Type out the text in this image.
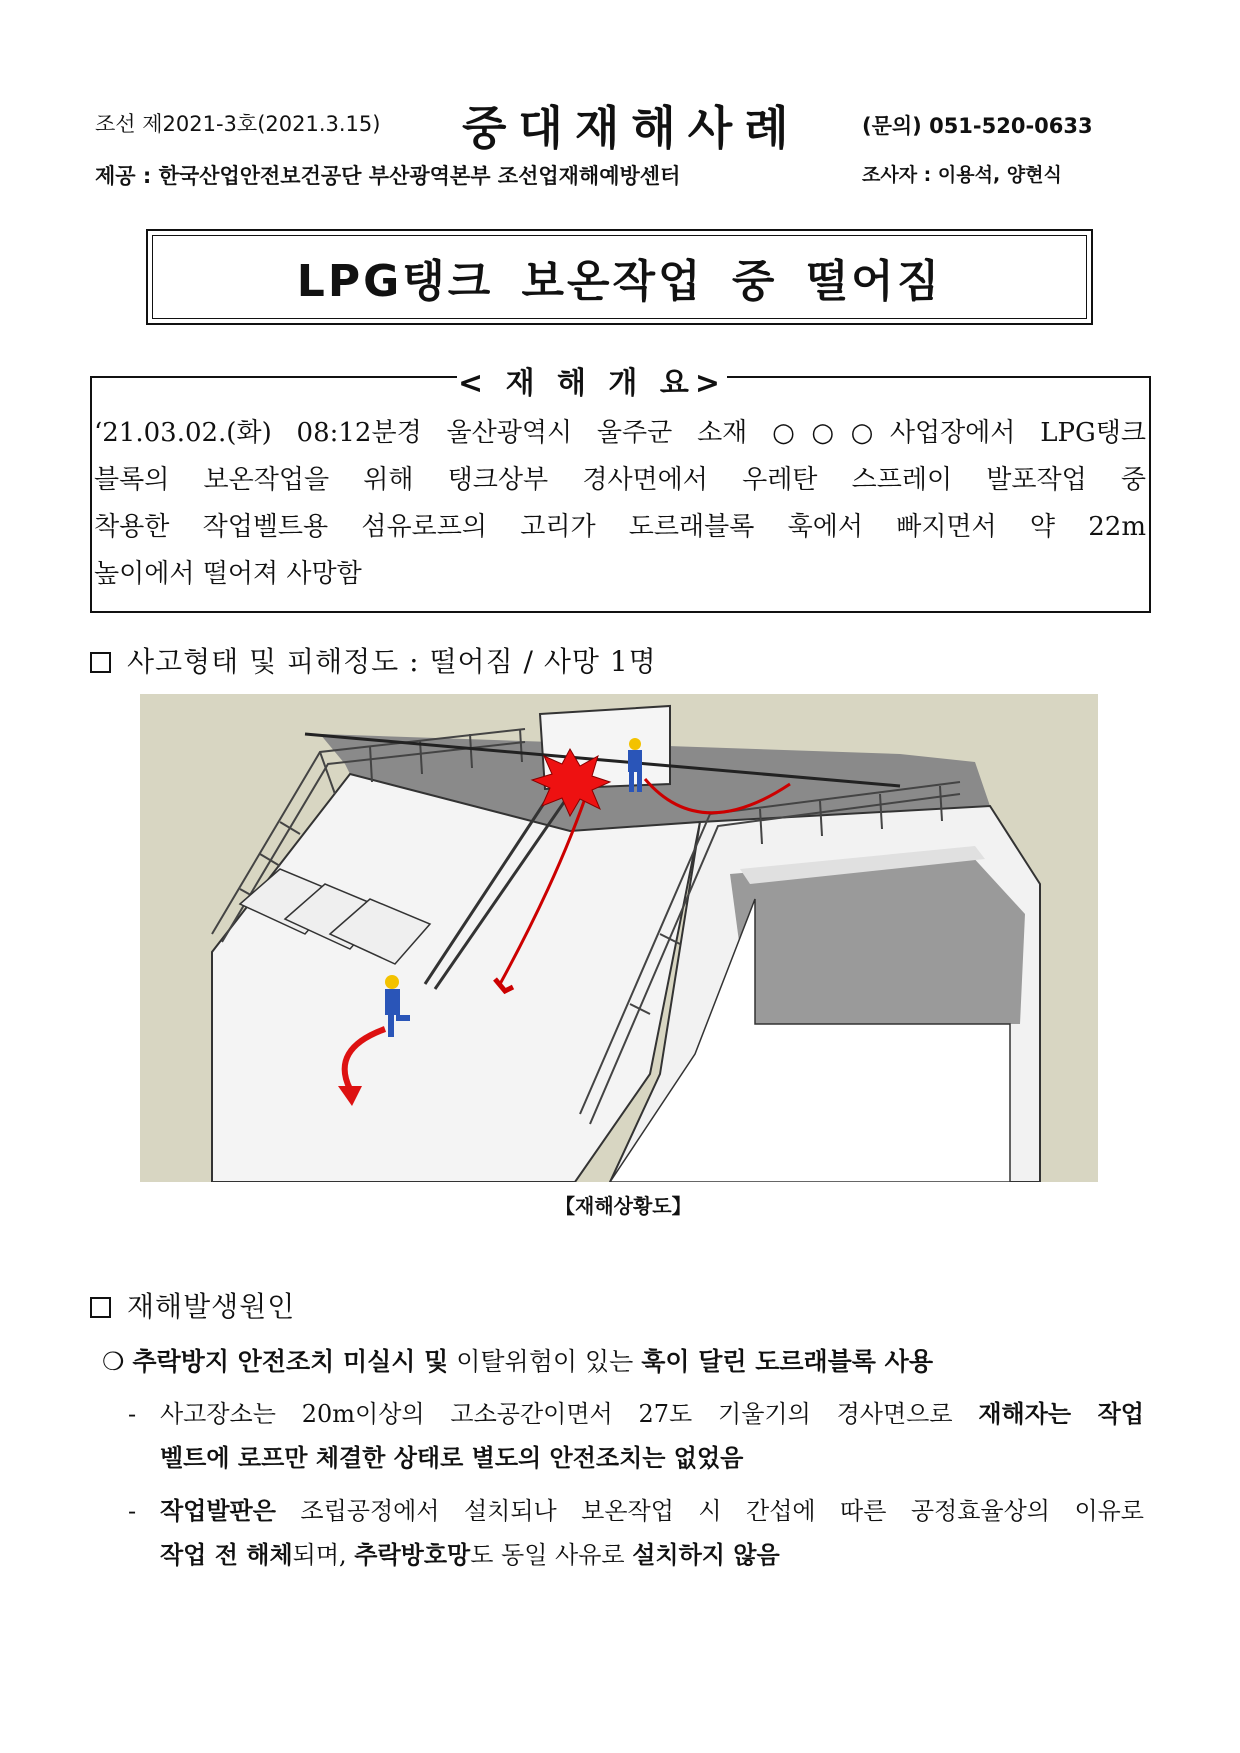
조선 제2021-3호(2021.3.15) 중대재해사례	(문의) 051-520-0633
제공 : 한국산업안전보건공단 부산광역본부 조선업재해예방센터	조사자 : 이용석, 양현식
LPG탱크 보온작업 중 떨어짐
< 재 해 개 요>
‘21.03.02.(화) 08:12분경 울산광역시 울주군 소재 ○○○사업장에서 LPG탱크
블록의 보온작업을 위해 탱크상부 경사면에서 우레탄 스프레이 발포작업 중
착용한 작업벨트용 섬유로프의 고리가 도르래블록 훅에서 빠지면서 약 22m
높이에서 떨어져 사망함
사고형태 및 피해정도 : 떨어짐 / 사망 1명
【재해상황도】
재해발생원인
❍ 추락방지 안전조치 미실시 및 이탈위험이 있는 훅이 달린 도르래블록 사용
- 사고장소는 20m이상의 고소공간이면서 27도 기울기의 경사면으로 재해자는 작업
벨트에 로프만 체결한 상태로 별도의 안전조치는 없었음
- 작업발판은 조립공정에서 설치되나 보온작업 시 간섭에 따른 공정효율상의 이유로
작업 전 해체되며, 추락방호망도 동일 사유로 설치하지 않음
